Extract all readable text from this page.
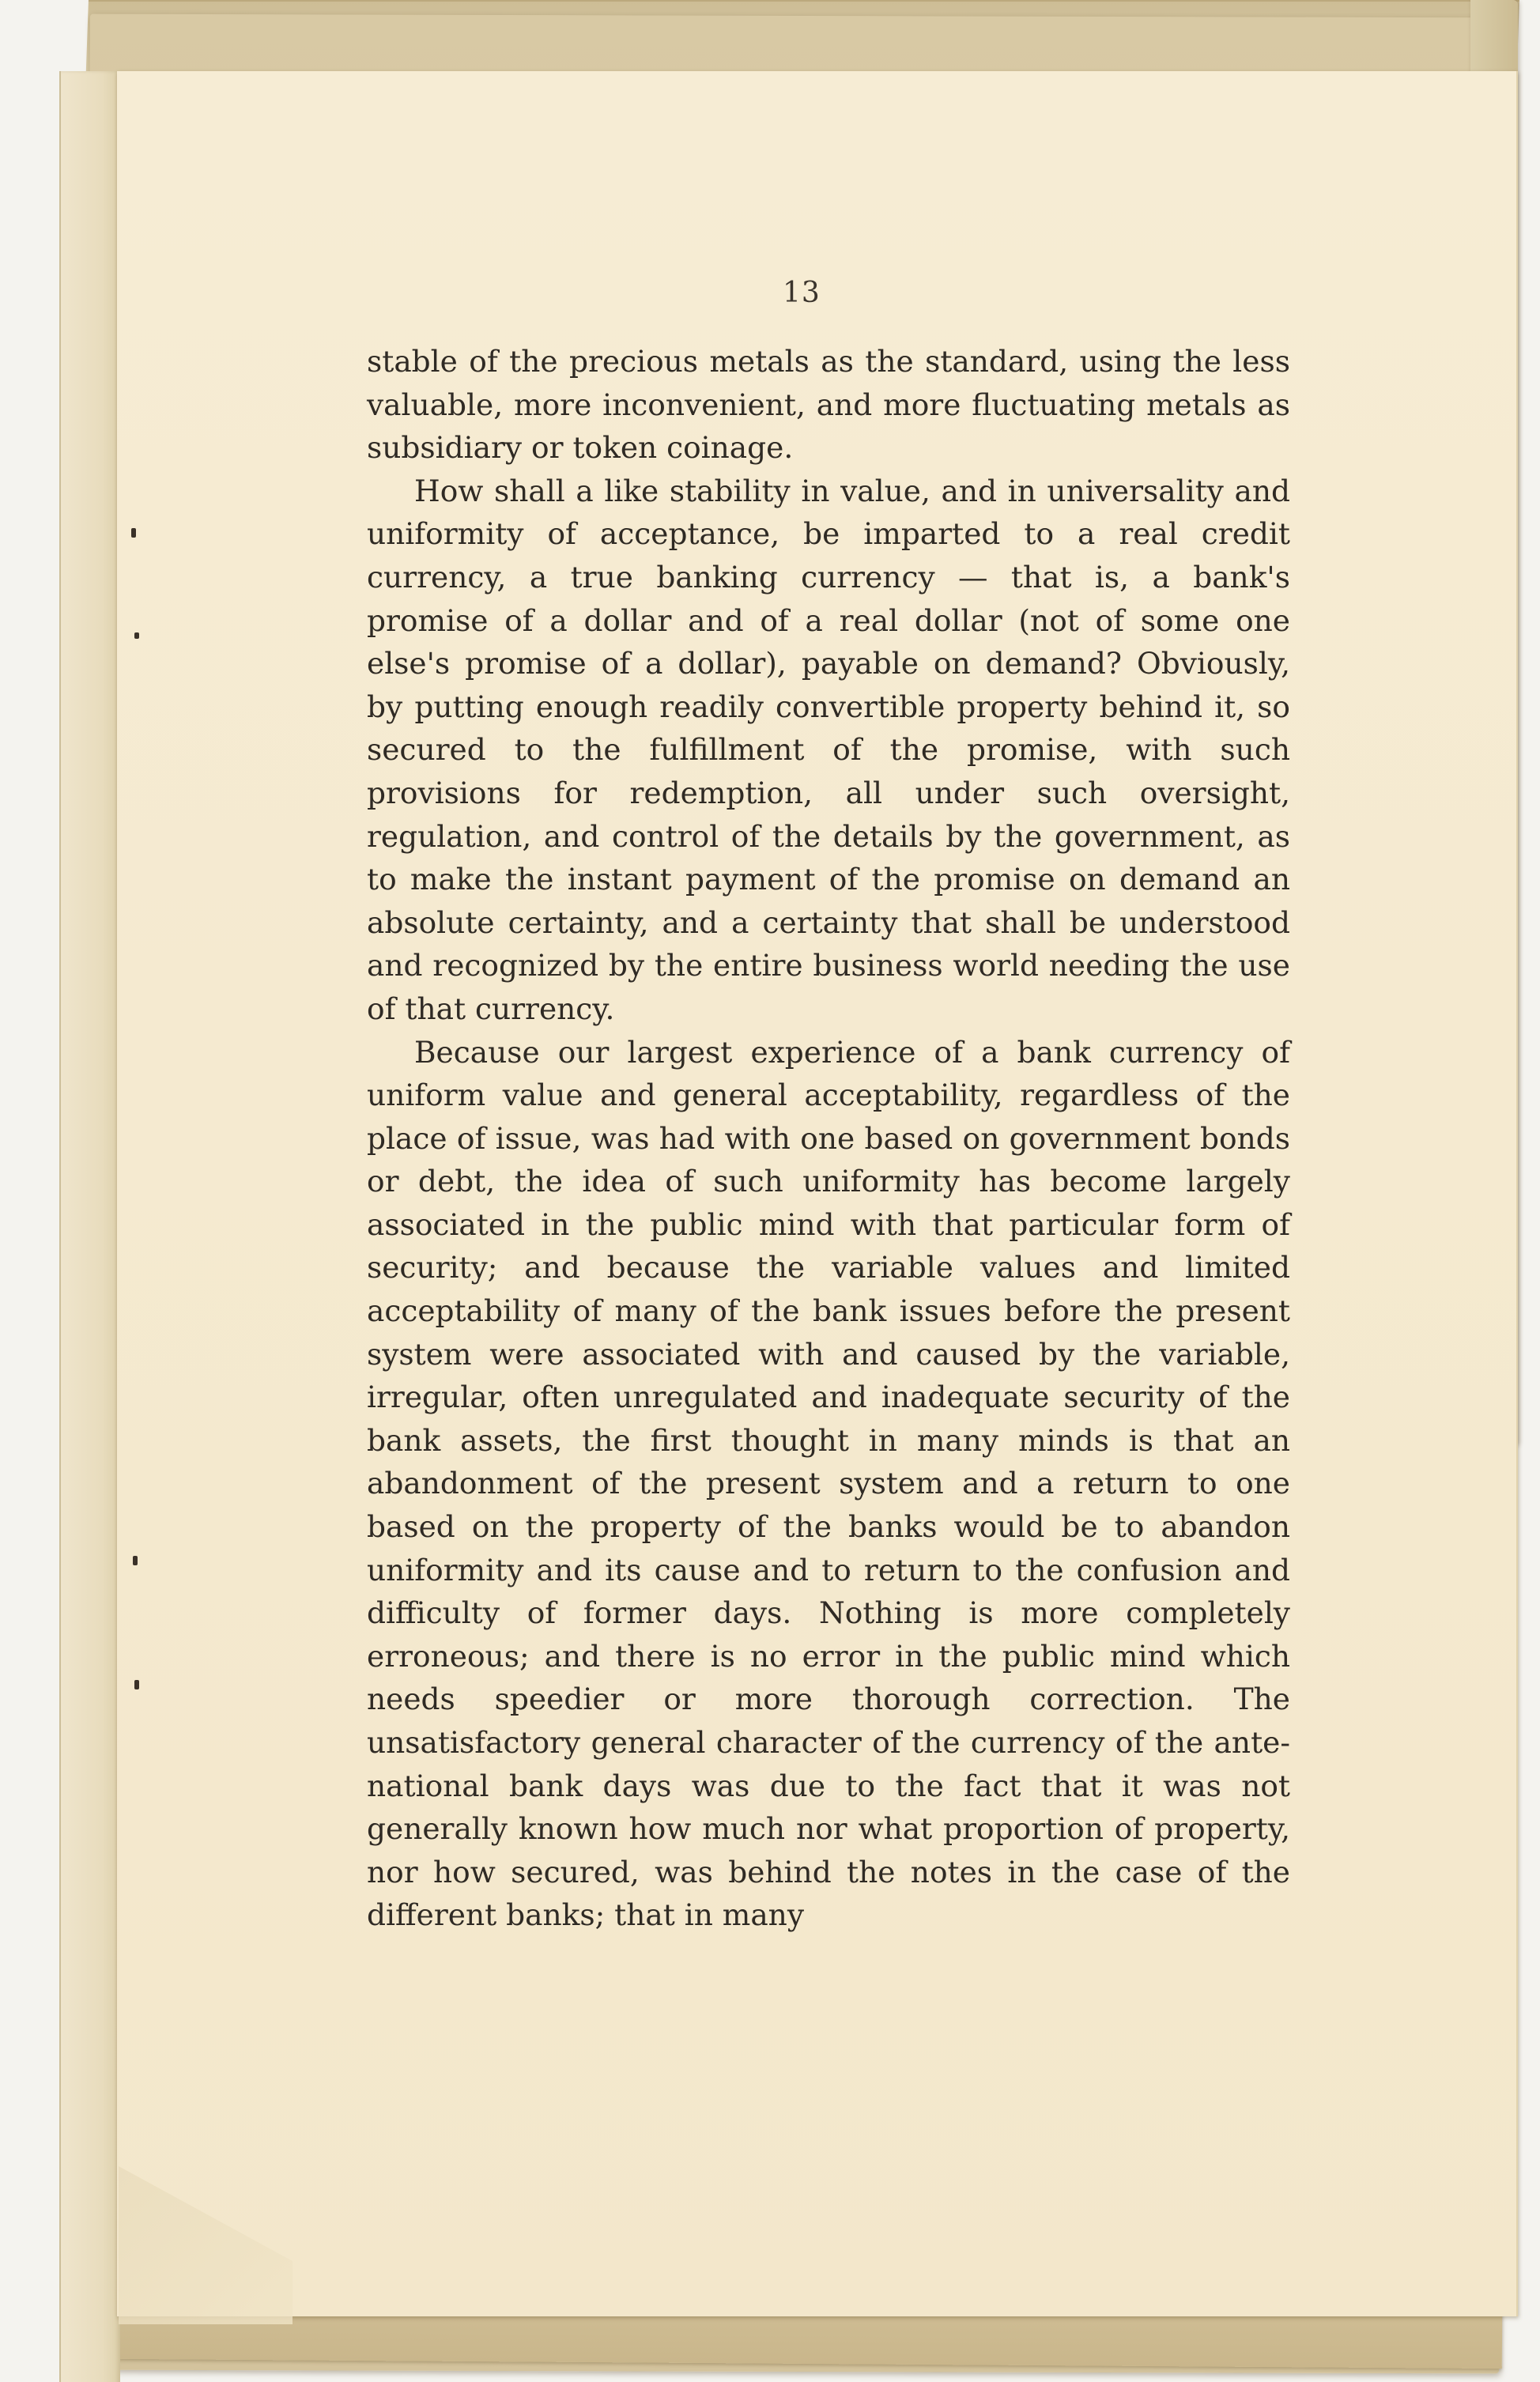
13

stable of the precious metals as the standard, using the less valuable, more inconvenient, and more fluctuating metals as subsidiary or token coinage.

How shall a like stability in value, and in universality and uniformity of acceptance, be imparted to a real credit currency, a true banking currency — that is, a bank's promise of a dollar and of a real dollar (not of some one else's promise of a dollar), payable on demand? Obviously, by putting enough readily convertible property behind it, so secured to the fulfillment of the promise, with such provisions for redemption, all under such oversight, regulation, and control of the details by the government, as to make the instant payment of the promise on demand an absolute certainty, and a certainty that shall be understood and recognized by the entire business world needing the use of that currency.

Because our largest experience of a bank currency of uniform value and general acceptability, regardless of the place of issue, was had with one based on government bonds or debt, the idea of such uniformity has become largely associated in the public mind with that particular form of security; and because the variable values and limited acceptability of many of the bank issues before the present system were associated with and caused by the variable, irregular, often unregulated and inadequate security of the bank assets, the first thought in many minds is that an abandonment of the present system and a return to one based on the property of the banks would be to abandon uniformity and its cause and to return to the confusion and difficulty of former days. Nothing is more completely erroneous; and there is no error in the public mind which needs speedier or more thorough correction. The unsatisfactory general character of the currency of the ante-national bank days was due to the fact that it was not generally known how much nor what proportion of property, nor how secured, was behind the notes in the case of the different banks; that in many
